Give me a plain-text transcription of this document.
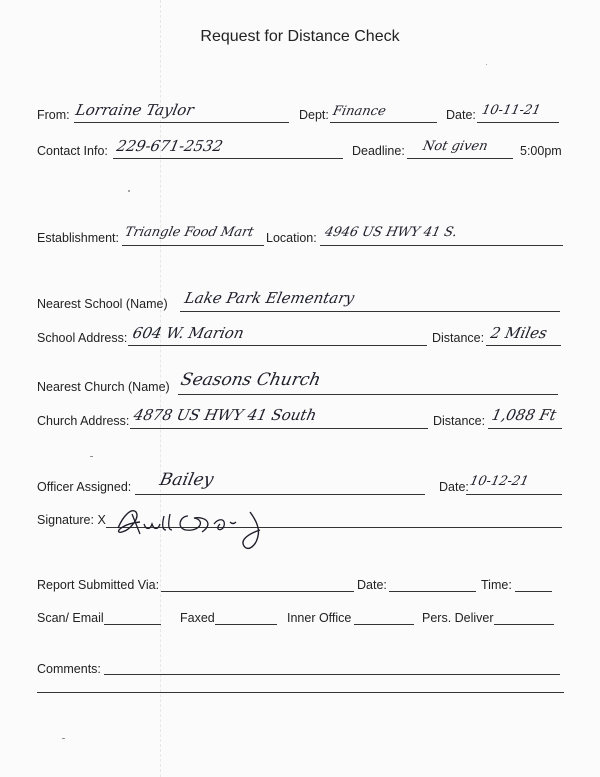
Request for Distance Check
From: Lorraine Taylor	Dept: Finance	Date: 10-11-21
Contact Info: 229-671-2532	Deadline: Not given 5:00pm
Establishment: Triangle Food Mart Location: 4946 US HWY 41 S.
Nearest School (Name) Lake Park Elementary
School Address: 604 W. Marion	Distance: 2 Miles
Nearest Church (Name) Seasons Church
Church Address: 4878 US HWY 41 South	Distance: 1,088 Ft
Officer Assigned: Bailey	Date: 10-12-21
Signature: X
Report Submitted Via:	Date:	Time:
Scan/ Email	Faxed	Inner Office	Pers. Deliver
Comments:
